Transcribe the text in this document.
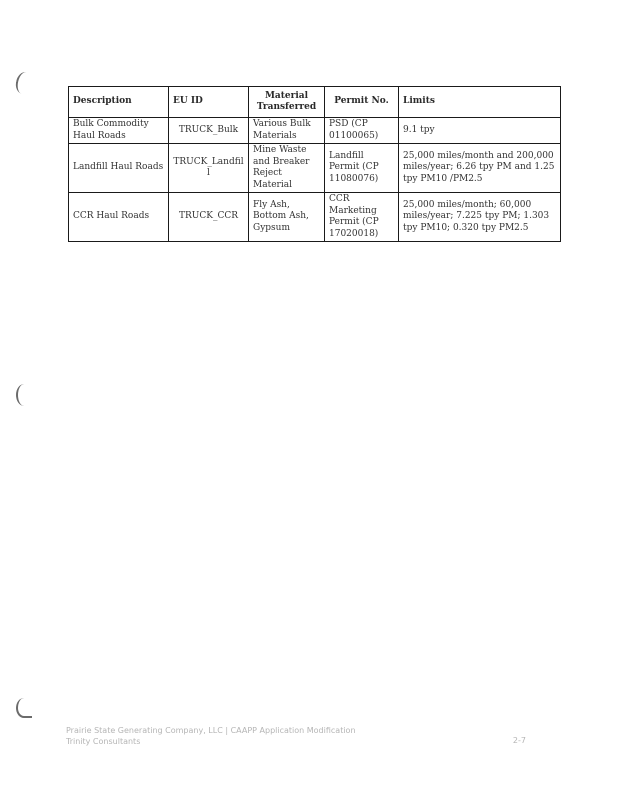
Description	EU ID	Material Transferred	Permit No.	Limits
Bulk Commodity Haul Roads	TRUCK_Bulk	Various Bulk Materials	PSD (CP 01100065)	9.1 tpy
Landfill Haul Roads	TRUCK_Landfill	Mine Waste and Breaker Reject Material	Landfill Permit (CP 11080076)	25,000 miles/month and 200,000 miles/year; 6.26 tpy PM and 1.25 tpy PM10 /PM2.5
CCR Haul Roads	TRUCK_CCR	Fly Ash, Bottom Ash, Gypsum	CCR Marketing Permit (CP 17020018)	25,000 miles/month; 60,000 miles/year; 7.225 tpy PM; 1.303 tpy PM10; 0.320 tpy PM2.5
Prairie State Generating Company, LLC | CAAPP Application Modification
Trinity Consultants	2-7
